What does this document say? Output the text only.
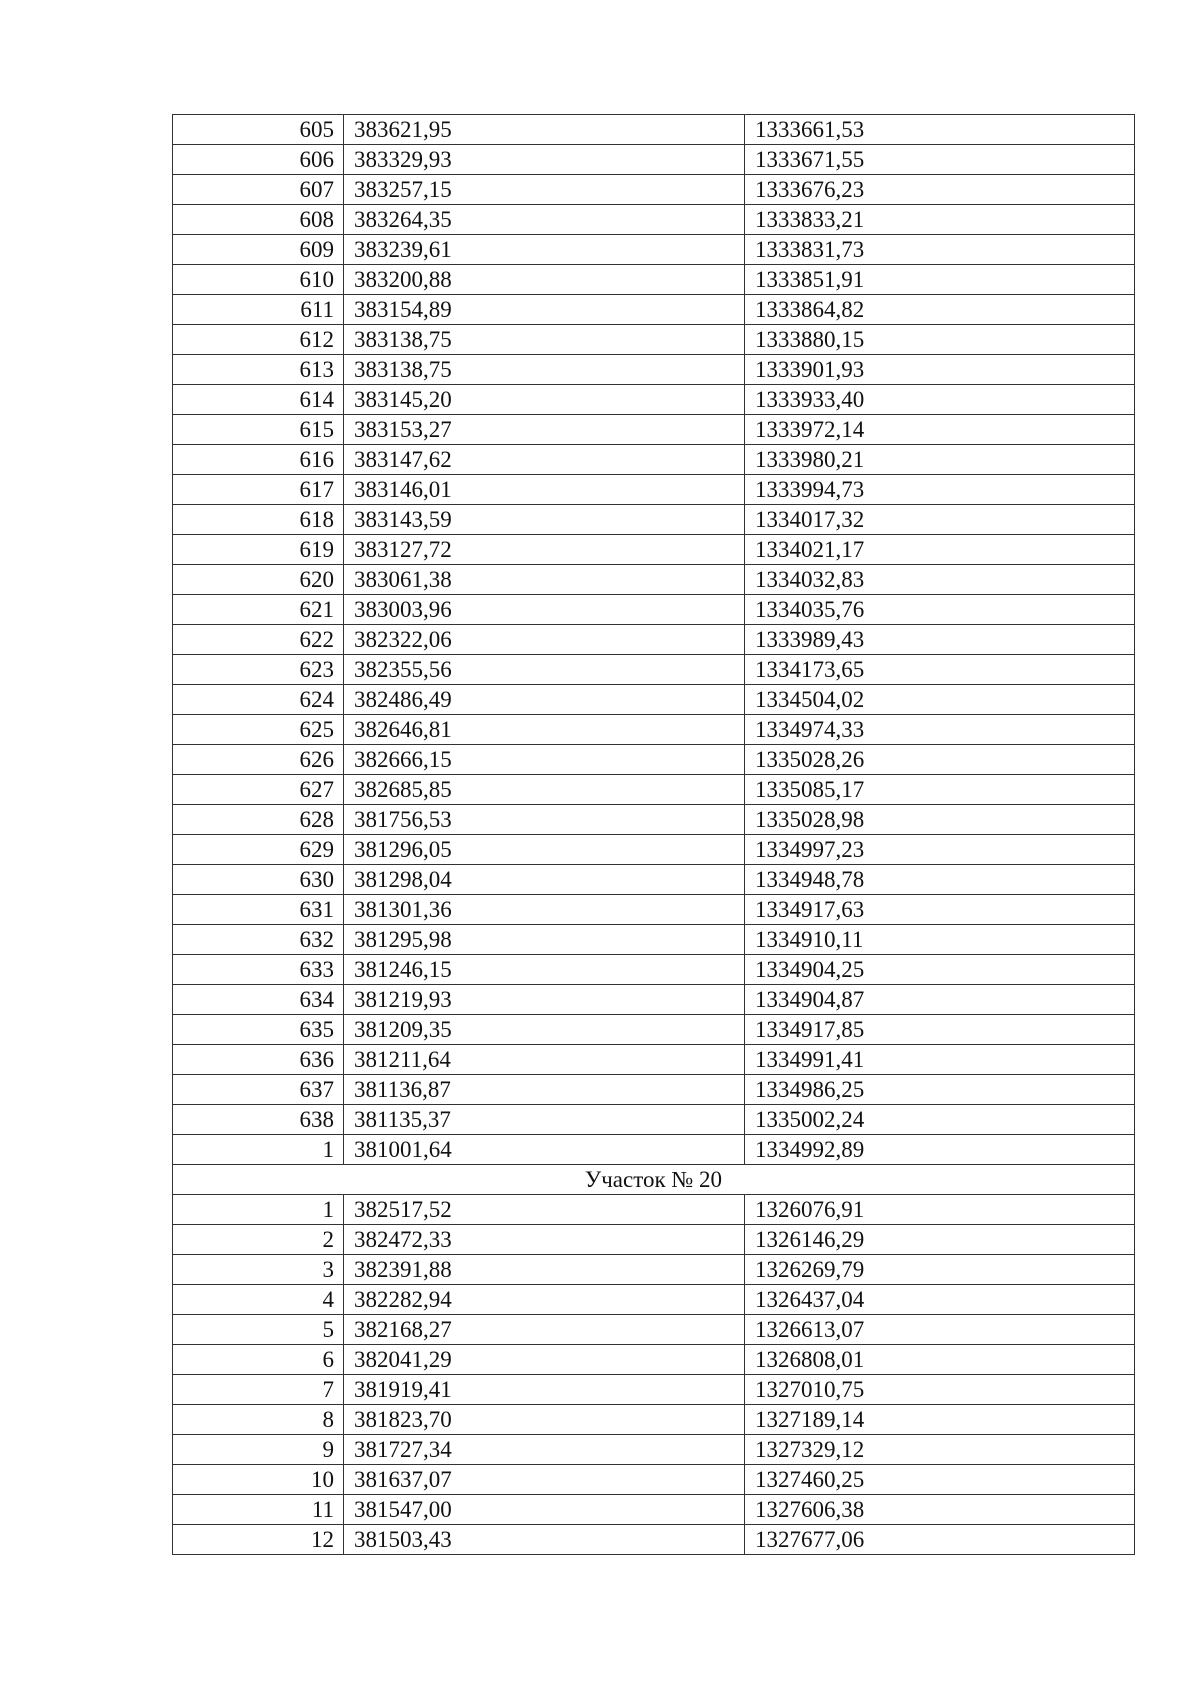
605	383621,95	1333661,53
606	383329,93	1333671,55
607	383257,15	1333676,23
608	383264,35	1333833,21
609	383239,61	1333831,73
610	383200,88	1333851,91
611	383154,89	1333864,82
612	383138,75	1333880,15
613	383138,75	1333901,93
614	383145,20	1333933,40
615	383153,27	1333972,14
616	383147,62	1333980,21
617	383146,01	1333994,73
618	383143,59	1334017,32
619	383127,72	1334021,17
620	383061,38	1334032,83
621	383003,96	1334035,76
622	382322,06	1333989,43
623	382355,56	1334173,65
624	382486,49	1334504,02
625	382646,81	1334974,33
626	382666,15	1335028,26
627	382685,85	1335085,17
628	381756,53	1335028,98
629	381296,05	1334997,23
630	381298,04	1334948,78
631	381301,36	1334917,63
632	381295,98	1334910,11
633	381246,15	1334904,25
634	381219,93	1334904,87
635	381209,35	1334917,85
636	381211,64	1334991,41
637	381136,87	1334986,25
638	381135,37	1335002,24
1	381001,64	1334992,89
Участок № 20		
1	382517,52	1326076,91
2	382472,33	1326146,29
3	382391,88	1326269,79
4	382282,94	1326437,04
5	382168,27	1326613,07
6	382041,29	1326808,01
7	381919,41	1327010,75
8	381823,70	1327189,14
9	381727,34	1327329,12
10	381637,07	1327460,25
11	381547,00	1327606,38
12	381503,43	1327677,06
